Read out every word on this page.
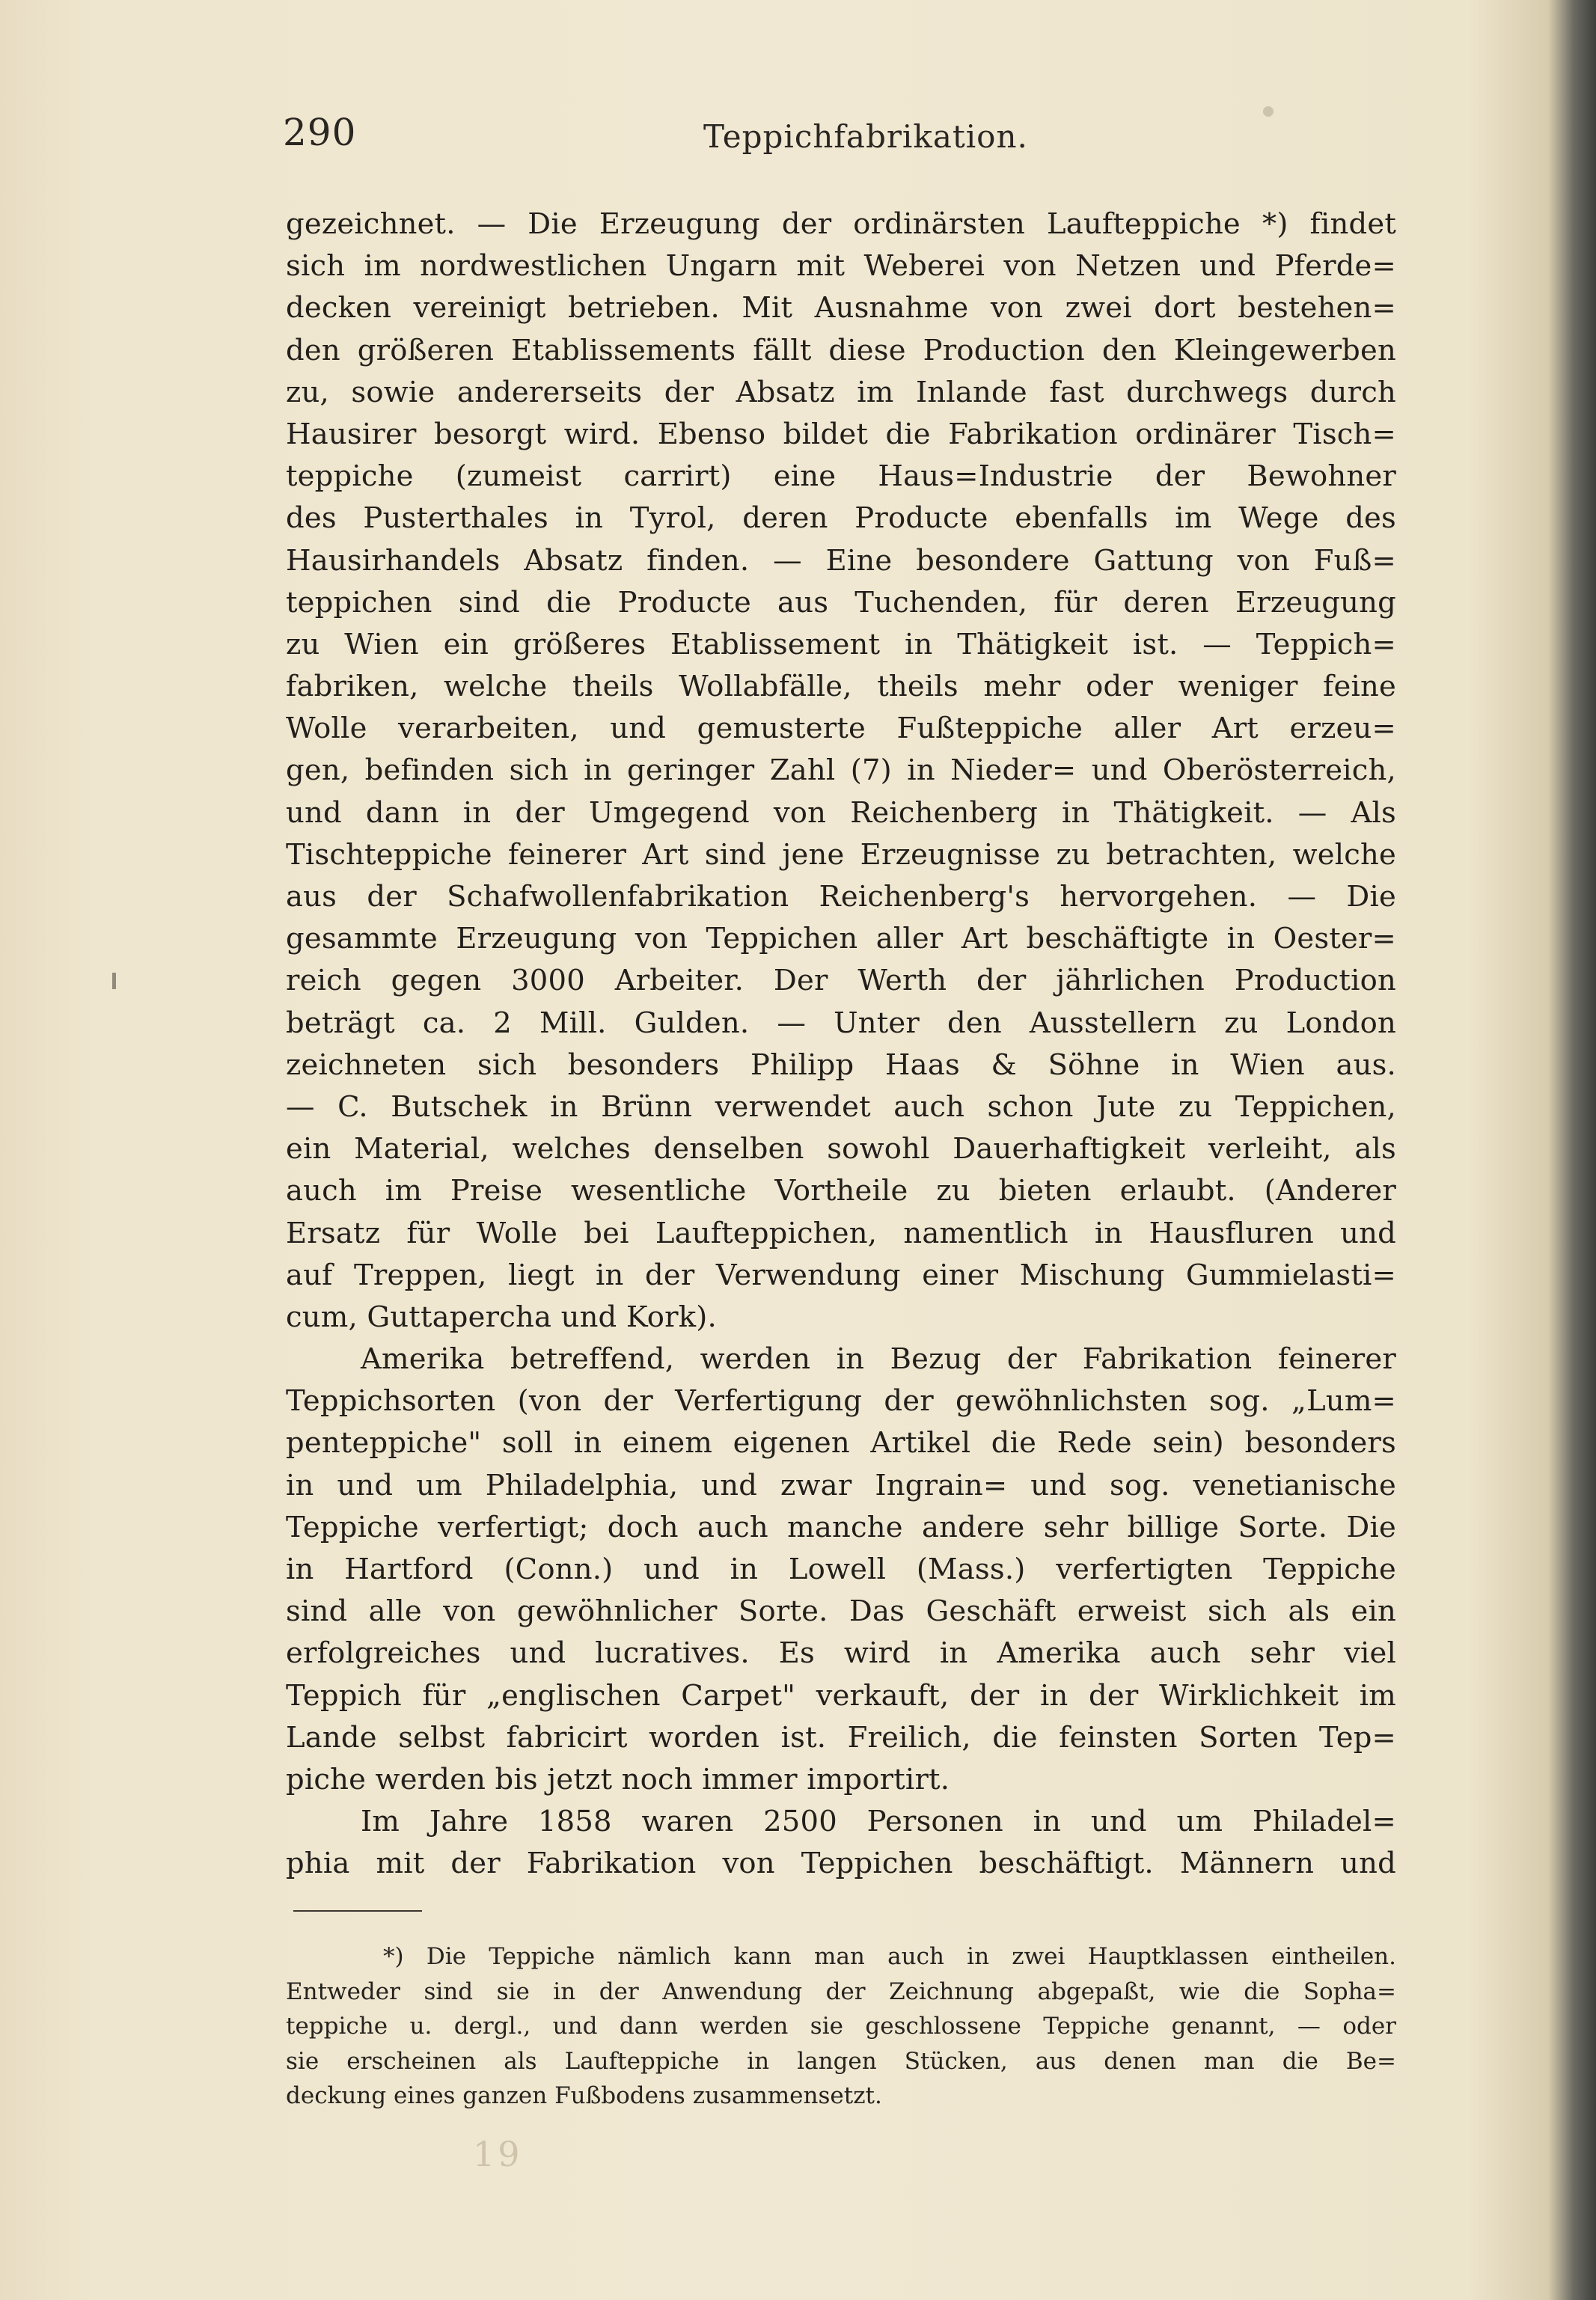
290	Teppichfabrikation.
gezeichnet. — Die Erzeugung der ordinärsten Laufteppiche *) findet
sich im nordwestlichen Ungarn mit Weberei von Netzen und Pferde=
decken vereinigt betrieben. Mit Ausnahme von zwei dort bestehen=
den größeren Etablissements fällt diese Production den Kleingewerben
zu, sowie andererseits der Absatz im Inlande fast durchwegs durch
Hausirer besorgt wird. Ebenso bildet die Fabrikation ordinärer Tisch=
teppiche (zumeist carrirt) eine Haus=Industrie der Bewohner
des Pusterthales in Tyrol, deren Producte ebenfalls im Wege des
Hausirhandels Absatz finden. — Eine besondere Gattung von Fuß=
teppichen sind die Producte aus Tuchenden, für deren Erzeugung
zu Wien ein größeres Etablissement in Thätigkeit ist. — Teppich=
fabriken, welche theils Wollabfälle, theils mehr oder weniger feine
Wolle verarbeiten, und gemusterte Fußteppiche aller Art erzeu=
gen, befinden sich in geringer Zahl (7) in Nieder= und Oberösterreich,
und dann in der Umgegend von Reichenberg in Thätigkeit. — Als
Tischteppiche feinerer Art sind jene Erzeugnisse zu betrachten, welche
aus der Schafwollenfabrikation Reichenberg's hervorgehen. — Die
gesammte Erzeugung von Teppichen aller Art beschäftigte in Oester=
reich gegen 3000 Arbeiter. Der Werth der jährlichen Production
beträgt ca. 2 Mill. Gulden. — Unter den Ausstellern zu London
zeichneten sich besonders Philipp Haas & Söhne in Wien aus.
— C. Butschek in Brünn verwendet auch schon Jute zu Teppichen,
ein Material, welches denselben sowohl Dauerhaftigkeit verleiht, als
auch im Preise wesentliche Vortheile zu bieten erlaubt. (Anderer
Ersatz für Wolle bei Laufteppichen, namentlich in Hausfluren und
auf Treppen, liegt in der Verwendung einer Mischung Gummielasti=
cum, Guttapercha und Kork).
Amerika betreffend, werden in Bezug der Fabrikation feinerer
Teppichsorten (von der Verfertigung der gewöhnlichsten sog. „Lum=
penteppiche" soll in einem eigenen Artikel die Rede sein) besonders
in und um Philadelphia, und zwar Ingrain= und sog. venetianische
Teppiche verfertigt; doch auch manche andere sehr billige Sorte. Die
in Hartford (Conn.) und in Lowell (Mass.) verfertigten Teppiche
sind alle von gewöhnlicher Sorte. Das Geschäft erweist sich als ein
erfolgreiches und lucratives. Es wird in Amerika auch sehr viel
Teppich für „englischen Carpet" verkauft, der in der Wirklichkeit im
Lande selbst fabricirt worden ist. Freilich, die feinsten Sorten Tep=
piche werden bis jetzt noch immer importirt.
Im Jahre 1858 waren 2500 Personen in und um Philadel=
phia mit der Fabrikation von Teppichen beschäftigt. Männern und
*) Die Teppiche nämlich kann man auch in zwei Hauptklassen eintheilen.
Entweder sind sie in der Anwendung der Zeichnung abgepaßt, wie die Sopha=
teppiche u. dergl., und dann werden sie geschlossene Teppiche genannt, — oder
sie erscheinen als Laufteppiche in langen Stücken, aus denen man die Be=
deckung eines ganzen Fußbodens zusammensetzt.
19
